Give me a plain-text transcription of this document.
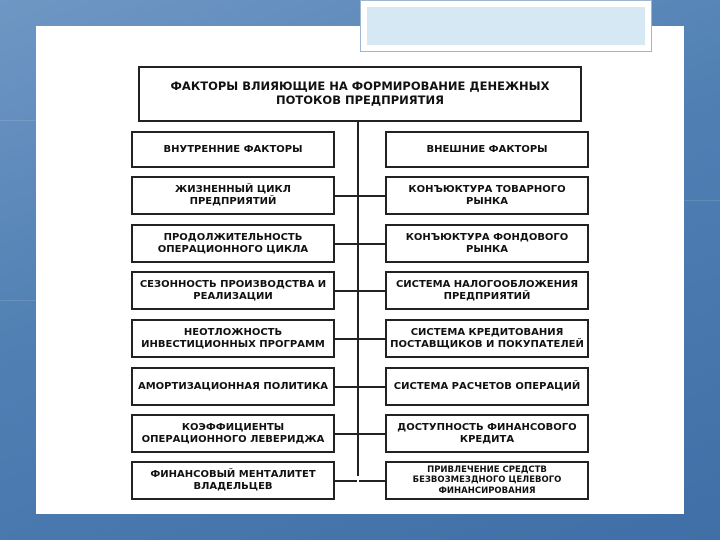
ФАКТОРЫ ВЛИЯЮЩИЕ НА ФОРМИРОВАНИЕ ДЕНЕЖНЫХ ПОТОКОВ ПРЕДПРИЯТИЯ
ВНУТРЕННИЕ ФАКТОРЫ	ВНЕШНИЕ ФАКТОРЫ
ЖИЗНЕННЫЙ ЦИКЛ ПРЕДПРИЯТИЙ
КОНЪЮКТУРА ТОВАРНОГО РЫНКА
ПРОДОЛЖИТЕЛЬНОСТЬ ОПЕРАЦИОННОГО ЦИКЛА
КОНЪЮКТУРА ФОНДОВОГО РЫНКА
СЕЗОННОСТЬ ПРОИЗВОДСТВА И РЕАЛИЗАЦИИ
СИСТЕМА НАЛОГООБЛОЖЕНИЯ ПРЕДПРИЯТИЙ
НЕОТЛОЖНОСТЬ ИНВЕСТИЦИОННЫХ ПРОГРАММ
СИСТЕМА КРЕДИТОВАНИЯ ПОСТАВЩИКОВ И ПОКУПАТЕЛЕЙ
АМОРТИЗАЦИОННАЯ ПОЛИТИКА	СИСТЕМА РАСЧЕТОВ ОПЕРАЦИЙ
КОЭФФИЦИЕНТЫ ОПЕРАЦИОННОГО ЛЕВЕРИДЖА
ДОСТУПНОСТЬ ФИНАНСОВОГО КРЕДИТА
ФИНАНСОВЫЙ МЕНТАЛИТЕТ ВЛАДЕЛЬЦЕВ
ПРИВЛЕЧЕНИЕ СРЕДСТВ БЕЗВОЗМЕЗДНОГО ЦЕЛЕВОГО ФИНАНСИРОВАНИЯ
